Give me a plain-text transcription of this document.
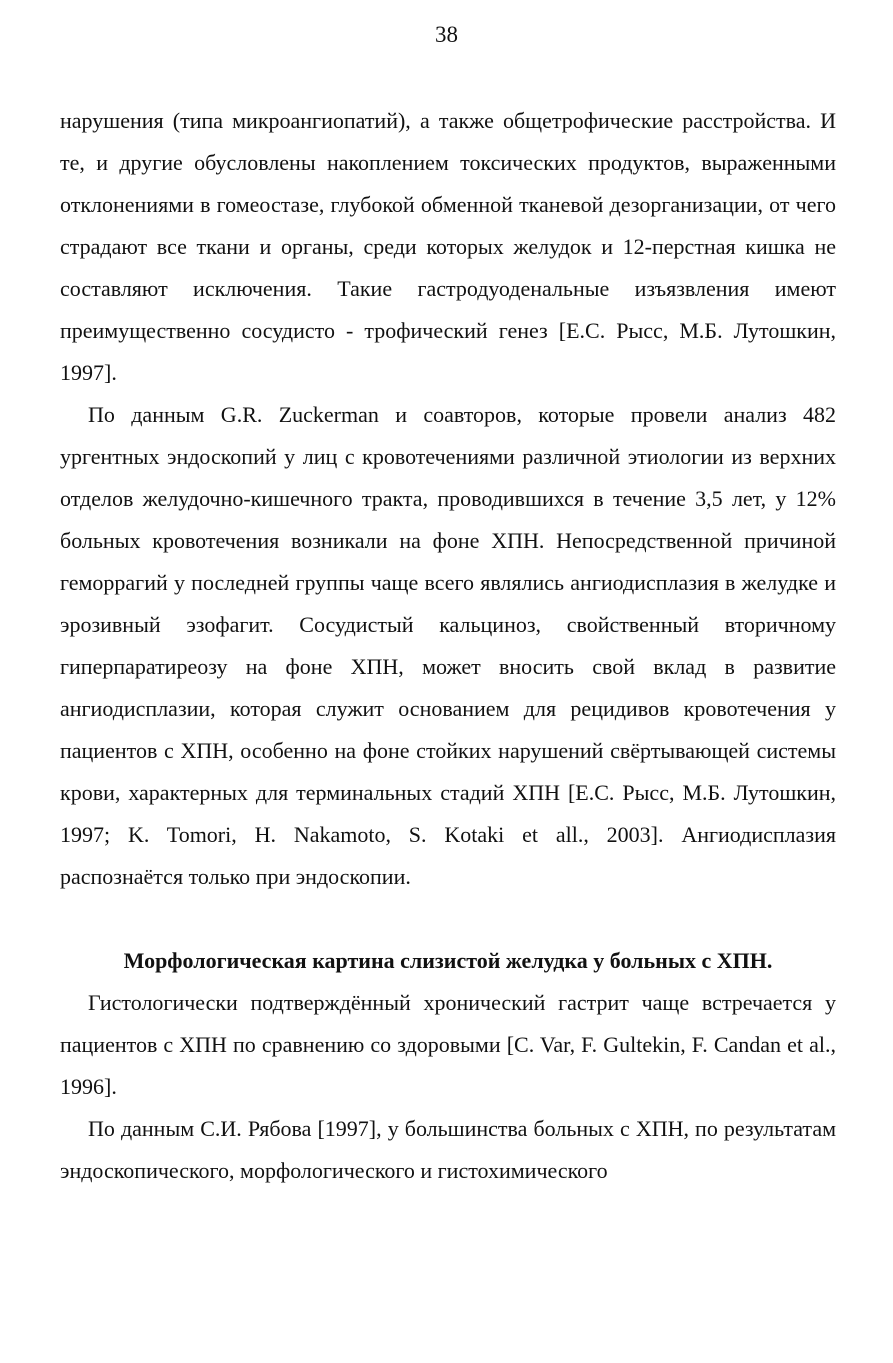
38

нарушения (типа микроангиопатий), а также общетрофические расстройства. И те, и другие обусловлены накоплением токсических продуктов, выраженными отклонениями в гомеостазе, глубокой обменной тканевой дезорганизации, от чего страдают все ткани и органы, среди которых желудок и 12-перстная кишка не составляют исключения. Такие гастродуоденальные изъязвления имеют преимущественно сосудисто - трофический генез [Е.С. Рысс, М.Б. Лутошкин, 1997].

По данным G.R. Zuckerman и соавторов, которые провели анализ 482 ургентных эндоскопий у лиц с кровотечениями различной этиологии из верхних отделов желудочно-кишечного тракта, проводившихся в течение 3,5 лет, у 12% больных кровотечения возникали на фоне ХПН. Непосредственной причиной геморрагий у последней группы чаще всего являлись ангиодисплазия в желудке и эрозивный эзофагит. Сосудистый кальциноз, свойственный вторичному гиперпаратиреозу на фоне ХПН, может вносить свой вклад в развитие ангиодисплазии, которая служит основанием для рецидивов кровотечения у пациентов с ХПН, особенно на фоне стойких нарушений свёртывающей системы крови, характерных для терминальных стадий ХПН [Е.С. Рысс, М.Б. Лутошкин, 1997; K. Tomori, H. Nakamoto, S. Kotaki et all., 2003]. Ангиодисплазия распознаётся только при эндоскопии.

Морфологическая картина слизистой желудка у больных с ХПН.

Гистологически подтверждённый хронический гастрит чаще встречается у пациентов с ХПН по сравнению со здоровыми [C. Var, F. Gultekin, F. Candan et al., 1996].

По данным С.И. Рябова [1997], у большинства больных с ХПН, по результатам эндоскопического, морфологического и гистохимического
